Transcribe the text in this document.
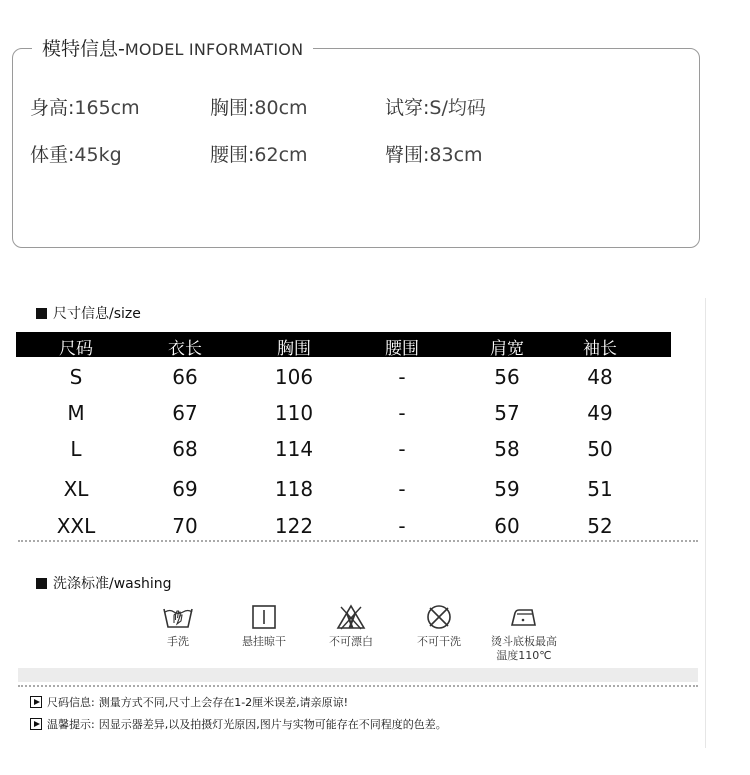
模特信息 - MODEL INFORMATION
身高:165cm	胸围:80cm	试穿:S/均码
体重:45kg	腰围:62cm	臀围:83cm
尺寸信息/size
尺码	衣长	胸围	腰围	肩宽	袖长
S	66	106	-	56	48
M	67	110	-	57	49
L	68	114	-	58	50
XL	69	118	-	59	51
XXL	70	122	-	60	52
洗涤标准/washing
手洗	悬挂晾干	不可漂白	不可干洗	烫斗底板最高
温度110℃
尺码信息: 测量方式不同,尺寸上会存在1-2厘米误差,请亲原谅!
温馨提示: 因显示器差异,以及拍摄灯光原因,图片与实物可能存在不同程度的色差。
